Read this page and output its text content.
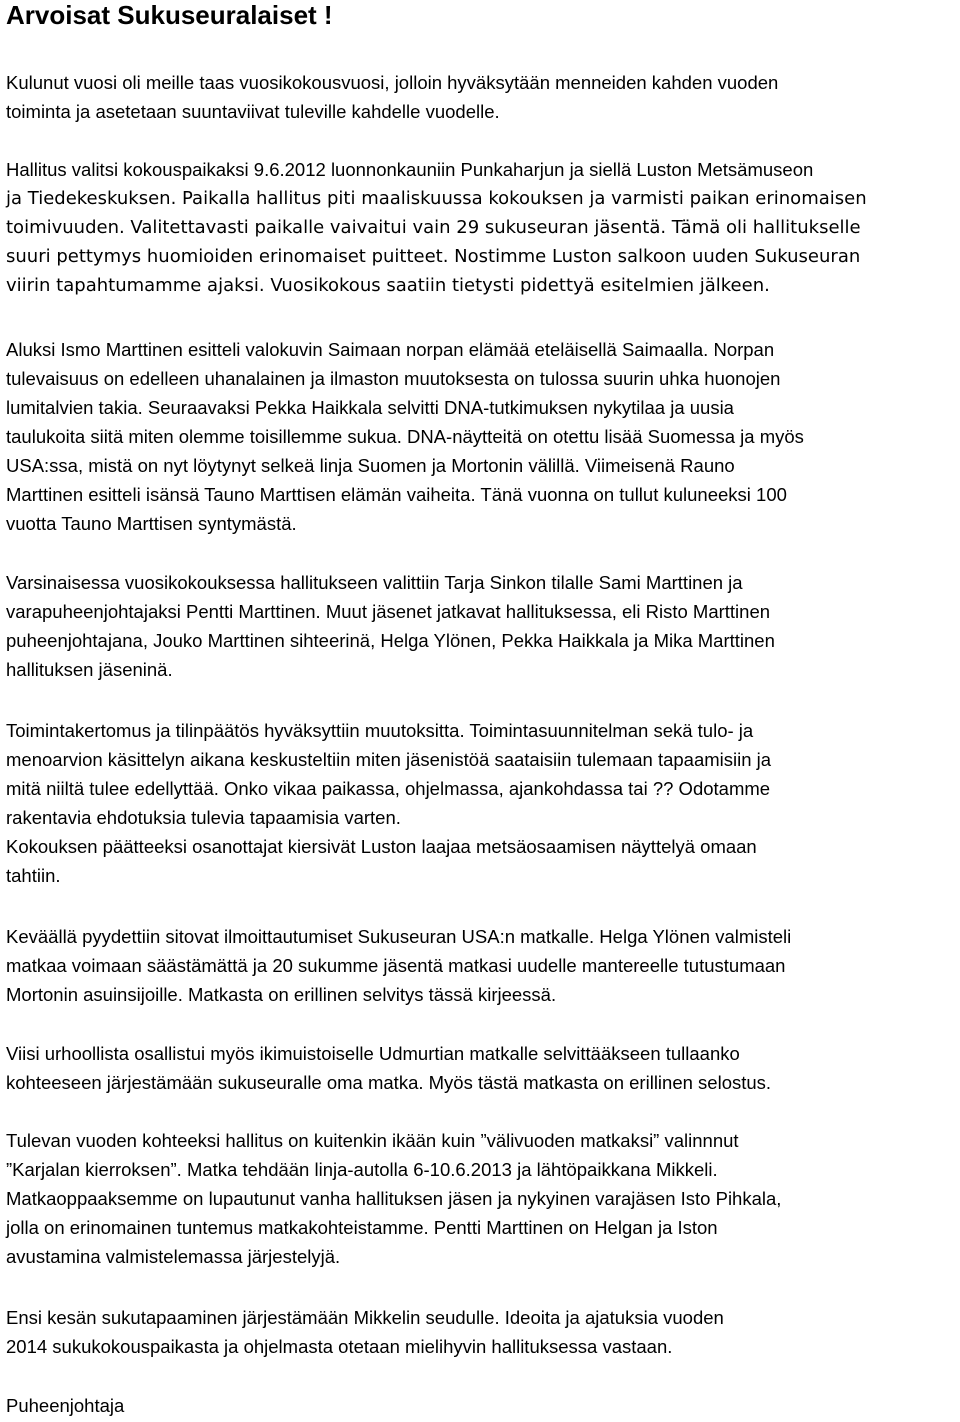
Arvoisat Sukuseuralaiset !
Kulunut vuosi oli meille taas vuosikokousvuosi, jolloin hyväksytään menneiden kahden vuoden
toiminta ja asetetaan suuntaviivat tuleville kahdelle vuodelle.
Hallitus valitsi kokouspaikaksi 9.6.2012 luonnonkauniin Punkaharjun ja siellä Luston Metsämuseon
ja Tiedekeskuksen. Paikalla hallitus piti maaliskuussa kokouksen ja varmisti paikan erinomaisen
toimivuuden. Valitettavasti paikalle vaivaitui vain 29 sukuseuran jäsentä. Tämä oli hallitukselle
suuri pettymys huomioiden erinomaiset puitteet. Nostimme Luston salkoon uuden Sukuseuran
viirin tapahtumamme ajaksi. Vuosikokous saatiin tietysti pidettyä esitelmien jälkeen.
Aluksi Ismo Marttinen esitteli valokuvin Saimaan norpan elämää eteläisellä Saimaalla. Norpan
tulevaisuus on edelleen uhanalainen ja ilmaston muutoksesta on tulossa suurin uhka huonojen
lumitalvien takia. Seuraavaksi Pekka Haikkala selvitti DNA-tutkimuksen nykytilaa ja uusia
taulukoita siitä miten olemme toisillemme sukua. DNA-näytteitä on otettu lisää Suomessa ja myös
USA:ssa, mistä on nyt löytynyt selkeä linja Suomen ja Mortonin välillä. Viimeisenä Rauno
Marttinen esitteli isänsä Tauno Marttisen elämän vaiheita. Tänä vuonna on tullut kuluneeksi 100
vuotta Tauno Marttisen syntymästä.
Varsinaisessa vuosikokouksessa hallitukseen valittiin Tarja Sinkon tilalle Sami Marttinen ja
varapuheenjohtajaksi Pentti Marttinen. Muut jäsenet jatkavat hallituksessa, eli Risto Marttinen
puheenjohtajana, Jouko Marttinen sihteerinä, Helga Ylönen, Pekka Haikkala ja Mika Marttinen
hallituksen jäseninä.
Toimintakertomus ja tilinpäätös hyväksyttiin muutoksitta. Toimintasuunnitelman sekä tulo- ja
menoarvion käsittelyn aikana keskusteltiin miten jäsenistöä saataisiin tulemaan tapaamisiin ja
mitä niiltä tulee edellyttää. Onko vikaa paikassa, ohjelmassa, ajankohdassa tai ?? Odotamme
rakentavia ehdotuksia tulevia tapaamisia varten.
Kokouksen päätteeksi osanottajat kiersivät Luston laajaa metsäosaamisen näyttelyä omaan
tahtiin.
Keväällä pyydettiin sitovat ilmoittautumiset Sukuseuran USA:n matkalle. Helga Ylönen valmisteli
matkaa voimaan säästämättä ja 20 sukumme jäsentä matkasi uudelle mantereelle tutustumaan
Mortonin asuinsijoille. Matkasta on erillinen selvitys tässä kirjeessä.
Viisi urhoollista osallistui myös ikimuistoiselle Udmurtian matkalle selvittääkseen tullaanko
kohteeseen järjestämään sukuseuralle oma matka. Myös tästä matkasta on erillinen selostus.
Tulevan vuoden kohteeksi hallitus on kuitenkin ikään kuin ”välivuoden matkaksi” valinnnut
”Karjalan kierroksen”. Matka tehdään linja-autolla 6-10.6.2013 ja lähtöpaikkana Mikkeli.
Matkaoppaaksemme on lupautunut vanha hallituksen jäsen ja nykyinen varajäsen Isto Pihkala,
jolla on erinomainen tuntemus matkakohteistamme. Pentti Marttinen on Helgan ja Iston
avustamina valmistelemassa järjestelyjä.
Ensi kesän sukutapaaminen järjestämään Mikkelin seudulle. Ideoita ja ajatuksia vuoden
2014 sukukokouspaikasta ja ohjelmasta otetaan mielihyvin hallituksessa vastaan.
Puheenjohtaja
